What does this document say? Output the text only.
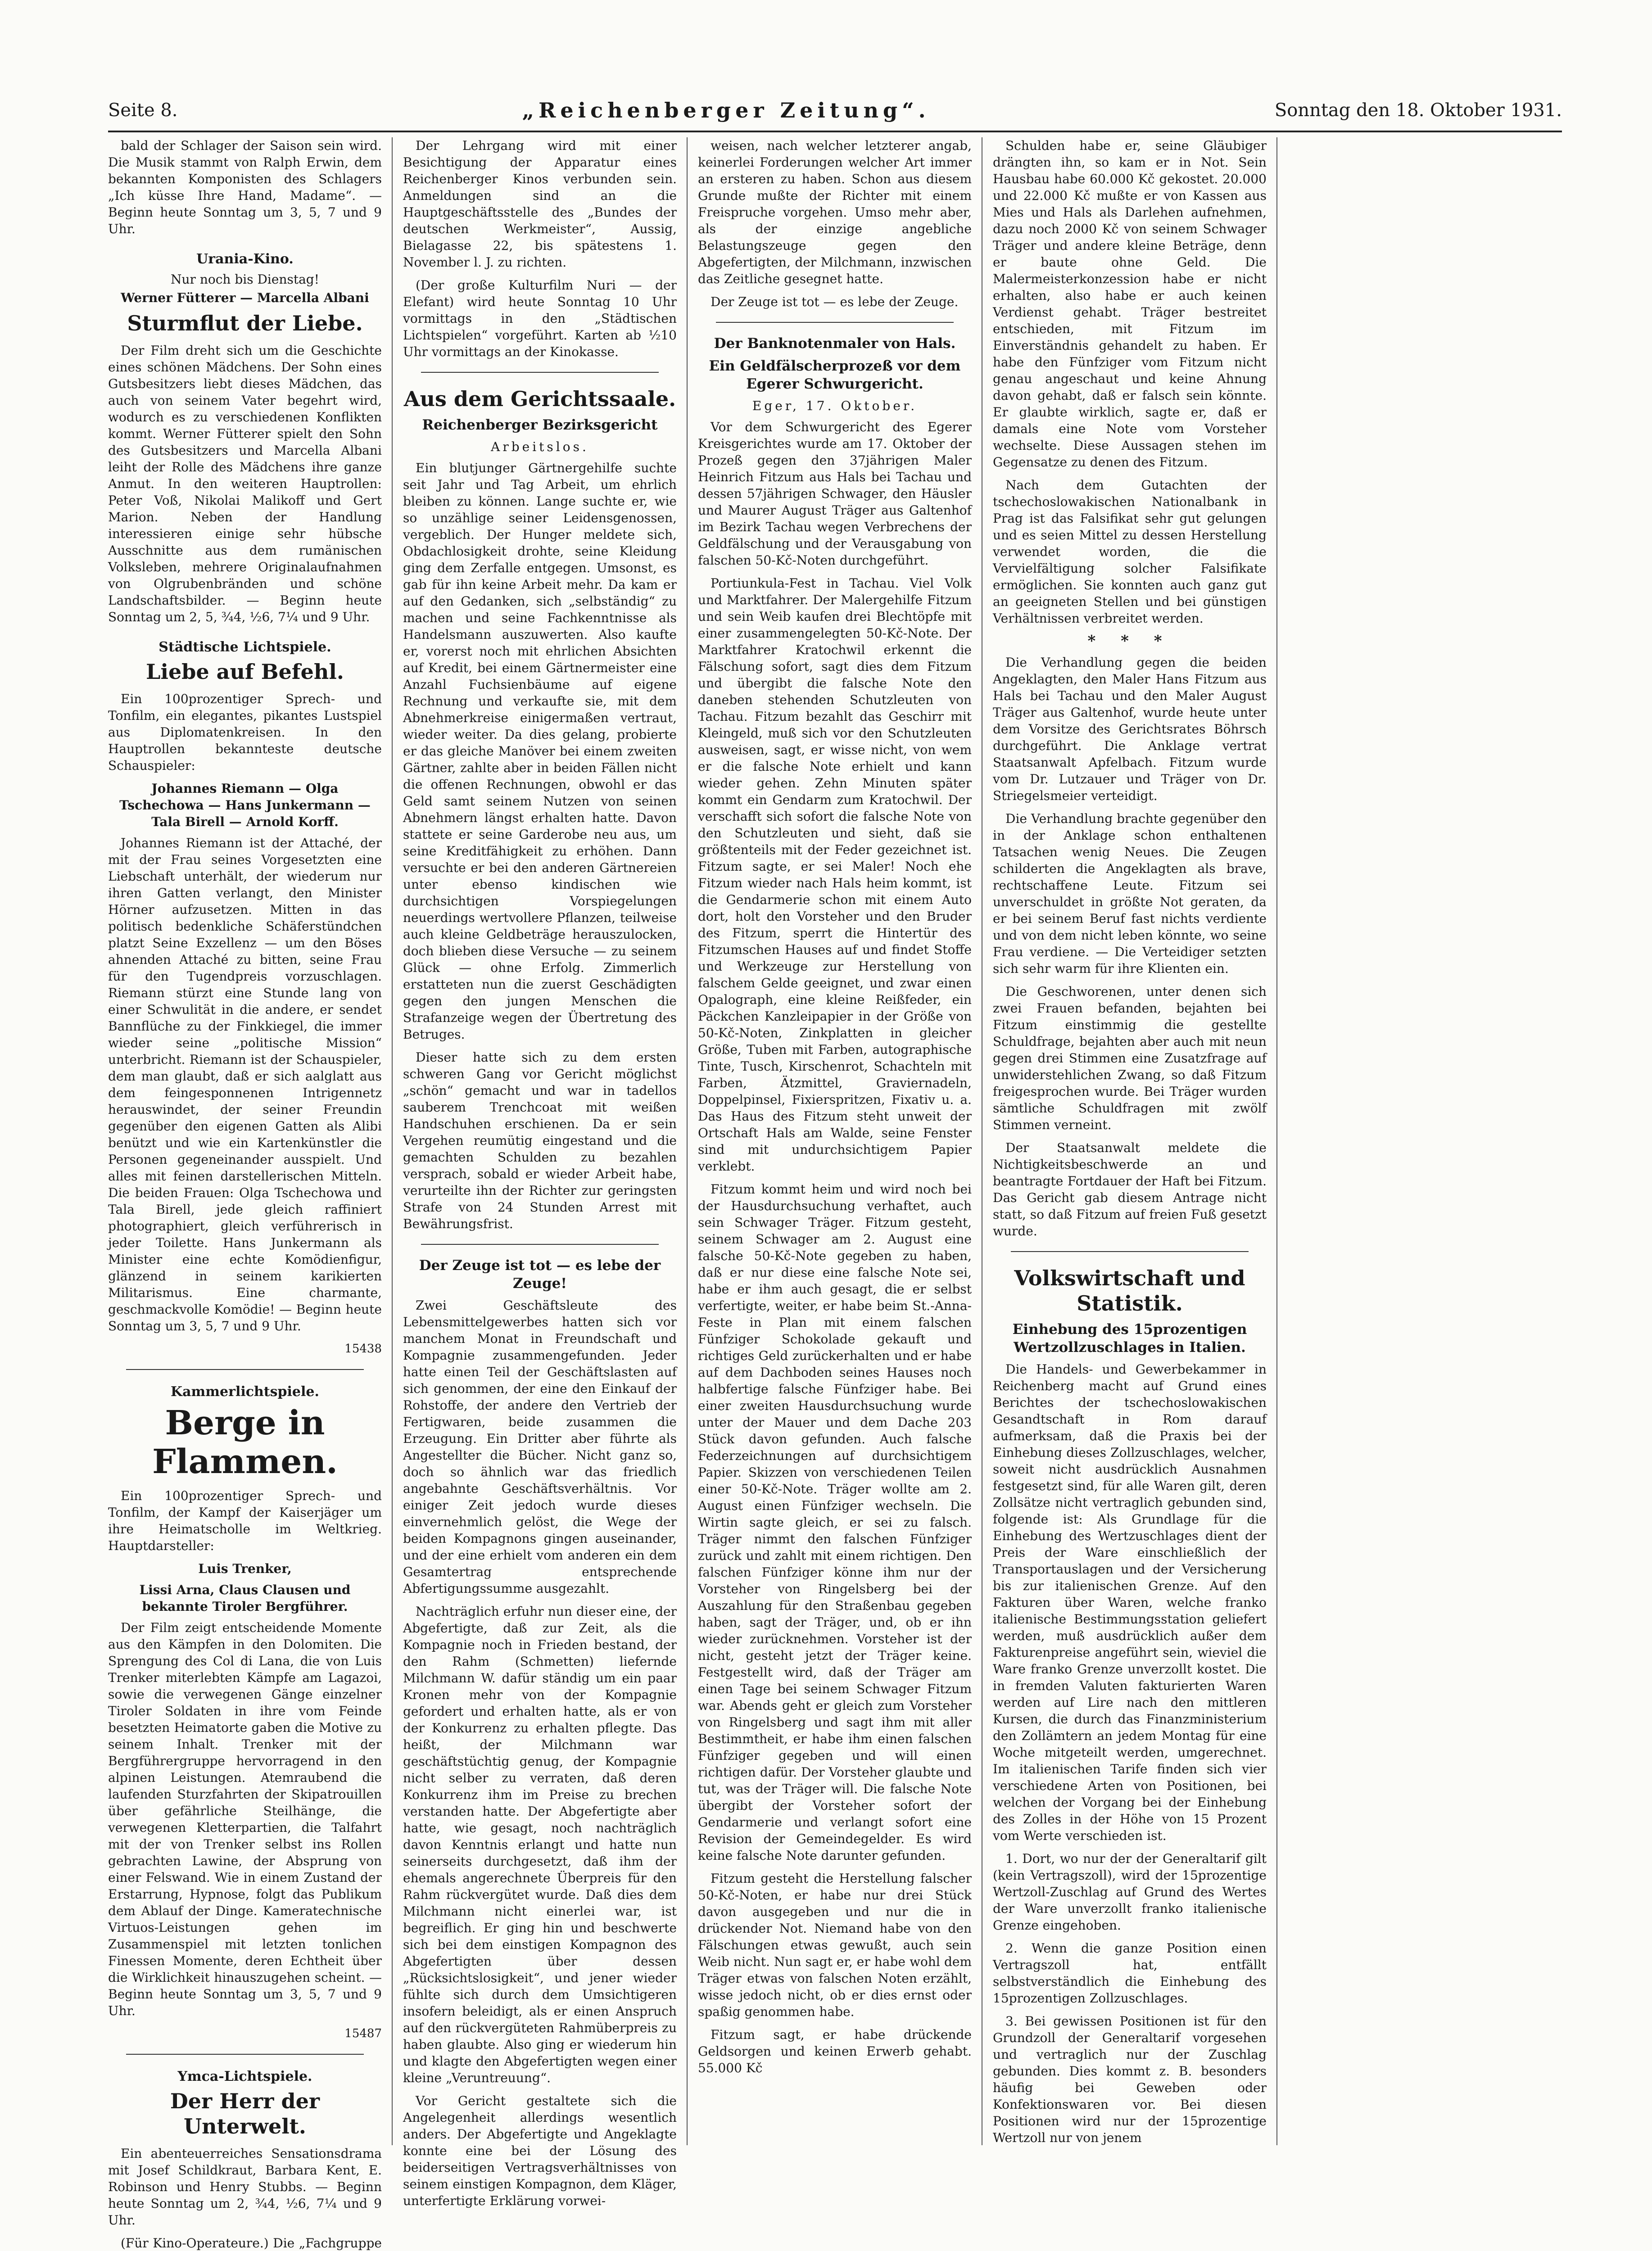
Seite 8.	„Reichenberger Zeitung“.	Sonntag den 18. Oktober 1931.

bald der Schlager der Saison sein wird. Die Musik stammt von Ralph Erwin, dem bekannten Komponisten des Schlagers „Ich küsse Ihre Hand, Madame“. — Beginn heute Sonntag um 3, 5, 7 und 9 Uhr.

Urania-Kino.
Nur noch bis Dienstag!
Werner Fütterer — Marcella Albani
Sturmflut der Liebe.

Der Film dreht sich um die Geschichte eines schönen Mädchens. Der Sohn eines Gutsbesitzers liebt dieses Mädchen, das auch von seinem Vater begehrt wird, wodurch es zu verschiedenen Konflikten kommt. Werner Fütterer spielt den Sohn des Gutsbesitzers und Marcella Albani leiht der Rolle des Mädchens ihre ganze Anmut. In den weiteren Hauptrollen: Peter Voß, Nikolai Malikoff und Gert Marion. Neben der Handlung interessieren einige sehr hübsche Ausschnitte aus dem rumänischen Volksleben, mehrere Originalaufnahmen von Olgrubenbränden und schöne Landschaftsbilder. — Beginn heute Sonntag um 2, 5, ¾4, ½6, 7¼ und 9 Uhr.

Städtische Lichtspiele.
Liebe auf Befehl.

Ein 100prozentiger Sprech- und Tonfilm, ein elegantes, pikantes Lustspiel aus Diplomatenkreisen. In den Hauptrollen bekannteste deutsche Schauspieler:

Johannes Riemann — Olga Tschechowa — Hans Junkermann — Tala Birell — Arnold Korff.

Johannes Riemann ist der Attaché, der mit der Frau seines Vorgesetzten eine Liebschaft unterhält, der wiederum nur ihren Gatten verlangt, den Minister Hörner aufzusetzen. Mitten in das politisch bedenkliche Schäferstündchen platzt Seine Exzellenz — um den Böses ahnenden Attaché zu bitten, seine Frau für den Tugendpreis vorzuschlagen. Riemann stürzt eine Stunde lang von einer Schwulität in die andere, er sendet Bannflüche zu der Finkkiegel, die immer wieder seine „politische Mission“ unterbricht. Riemann ist der Schauspieler, dem man glaubt, daß er sich aalglatt aus dem feingesponnenen Intrigennetz herauswindet, der seiner Freundin gegenüber den eigenen Gatten als Alibi benützt und wie ein Kartenkünstler die Personen gegeneinander ausspielt. Und alles mit feinen darstellerischen Mitteln. Die beiden Frauen: Olga Tschechowa und Tala Birell, jede gleich raffiniert photographiert, gleich verführerisch in jeder Toilette. Hans Junkermann als Minister eine echte Komödienfigur, glänzend in seinem karikierten Militarismus. Eine charmante, geschmackvolle Komödie! — Beginn heute Sonntag um 3, 5, 7 und 9 Uhr.

15438
Kammerlichtspiele.
Berge in Flammen.

Ein 100prozentiger Sprech- und Tonfilm, der Kampf der Kaiserjäger um ihre Heimatscholle im Weltkrieg. Hauptdarsteller:

Luis Trenker,
Lissi Arna, Claus Clausen und bekannte Tiroler Bergführer.

Der Film zeigt entscheidende Momente aus den Kämpfen in den Dolomiten. Die Sprengung des Col di Lana, die von Luis Trenker miterlebten Kämpfe am Lagazoi, sowie die verwegenen Gänge einzelner Tiroler Soldaten in ihre vom Feinde besetzten Heimatorte gaben die Motive zu seinem Inhalt. Trenker mit der Bergführergruppe hervorragend in den alpinen Leistungen. Atemraubend die laufenden Sturzfahrten der Skipatrouillen über gefährliche Steilhänge, die verwegenen Kletterpartien, die Talfahrt mit der von Trenker selbst ins Rollen gebrachten Lawine, der Absprung von einer Felswand. Wie in einem Zustand der Erstarrung, Hypnose, folgt das Publikum dem Ablauf der Dinge. Kameratechnische Virtuos-Leistungen gehen im Zusammenspiel mit letzten tonlichen Finessen Momente, deren Echtheit über die Wirklichkeit hinauszugehen scheint. — Beginn heute Sonntag um 3, 5, 7 und 9 Uhr.

15487
Ymca-Lichtspiele.
Der Herr der Unterwelt.

Ein abenteuerreiches Sensationsdrama mit Josef Schildkraut, Barbara Kent, E. Robinson und Henry Stubbs. — Beginn heute Sonntag um 2, ¾4, ½6, 7¼ und 9 Uhr.

(Für Kino-Operateure.) Die „Fachgruppe

Der Lehrgang wird mit einer Besichtigung der Apparatur eines Reichenberger Kinos verbunden sein. Anmeldungen sind an die Hauptgeschäftsstelle des „Bundes der deutschen Werkmeister“, Aussig, Bielagasse 22, bis spätestens 1. November l. J. zu richten.

(Der große Kulturfilm Nuri — der Elefant) wird heute Sonntag 10 Uhr vormittags in den „Städtischen Lichtspielen“ vorgeführt. Karten ab ½10 Uhr vormittags an der Kinokasse.

Aus dem Gerichtssaale.
Reichenberger Bezirksgericht
Arbeitslos.

Ein blutjunger Gärtnergehilfe suchte seit Jahr und Tag Arbeit, um ehrlich bleiben zu können. Lange suchte er, wie so unzählige seiner Leidensgenossen, vergeblich. Der Hunger meldete sich, Obdachlosigkeit drohte, seine Kleidung ging dem Zerfalle entgegen. Umsonst, es gab für ihn keine Arbeit mehr. Da kam er auf den Gedanken, sich „selbständig“ zu machen und seine Fachkenntnisse als Handelsmann auszuwerten. Also kaufte er, vorerst noch mit ehrlichen Absichten auf Kredit, bei einem Gärtnermeister eine Anzahl Fuchsienbäume auf eigene Rechnung und verkaufte sie, mit dem Abnehmerkreise einigermaßen vertraut, wieder weiter. Da dies gelang, probierte er das gleiche Manöver bei einem zweiten Gärtner, zahlte aber in beiden Fällen nicht die offenen Rechnungen, obwohl er das Geld samt seinem Nutzen von seinen Abnehmern längst erhalten hatte. Davon stattete er seine Garderobe neu aus, um seine Kreditfähigkeit zu erhöhen. Dann versuchte er bei den anderen Gärtnereien unter ebenso kindischen wie durchsichtigen Vorspiegelungen neuerdings wertvollere Pflanzen, teilweise auch kleine Geldbeträge herauszulocken, doch blieben diese Versuche — zu seinem Glück — ohne Erfolg. Zimmerlich erstatteten nun die zuerst Geschädigten gegen den jungen Menschen die Strafanzeige wegen der Übertretung des Betruges.

Dieser hatte sich zu dem ersten schweren Gang vor Gericht möglichst „schön“ gemacht und war in tadellos sauberem Trenchcoat mit weißen Handschuhen erschienen. Da er sein Vergehen reumütig eingestand und die gemachten Schulden zu bezahlen versprach, sobald er wieder Arbeit habe, verurteilte ihn der Richter zur geringsten Strafe von 24 Stunden Arrest mit Bewährungsfrist.

Der Zeuge ist tot — es lebe der Zeuge!

Zwei Geschäftsleute des Lebensmittelgewerbes hatten sich vor manchem Monat in Freundschaft und Kompagnie zusammengefunden. Jeder hatte einen Teil der Geschäftslasten auf sich genommen, der eine den Einkauf der Rohstoffe, der andere den Vertrieb der Fertigwaren, beide zusammen die Erzeugung. Ein Dritter aber führte als Angestellter die Bücher. Nicht ganz so, doch so ähnlich war das friedlich angebahnte Geschäftsverhältnis. Vor einiger Zeit jedoch wurde dieses einvernehmlich gelöst, die Wege der beiden Kompagnons gingen auseinander, und der eine erhielt vom anderen ein dem Gesamtertrag entsprechende Abfertigungssumme ausgezahlt.

Nachträglich erfuhr nun dieser eine, der Abgefertigte, daß zur Zeit, als die Kompagnie noch in Frieden bestand, der den Rahm (Schmetten) liefernde Milchmann W. dafür ständig um ein paar Kronen mehr von der Kompagnie gefordert und erhalten hatte, als er von der Konkurrenz zu erhalten pflegte. Das heißt, der Milchmann war geschäftstüchtig genug, der Kompagnie nicht selber zu verraten, daß deren Konkurrenz ihm im Preise zu brechen verstanden hatte. Der Abgefertigte aber hatte, wie gesagt, noch nachträglich davon Kenntnis erlangt und hatte nun seinerseits durchgesetzt, daß ihm der ehemals angerechnete Überpreis für den Rahm rückvergütet wurde. Daß dies dem Milchmann nicht einerlei war, ist begreiflich. Er ging hin und beschwerte sich bei dem einstigen Kompagnon des Abgefertigten über dessen „Rücksichtslosigkeit“, und jener wieder fühlte sich durch dem Umsichtigeren insofern beleidigt, als er einen Anspruch auf den rückvergüteten Rahmüberpreis zu haben glaubte. Also ging er wiederum hin und klagte den Abgefertigten wegen einer kleine „Veruntreuung“.

Vor Gericht gestaltete sich die Angelegenheit allerdings wesentlich anders. Der Abgefertigte und Angeklagte konnte eine bei der Lösung des beiderseitigen Vertragsverhältnisses von seinem einstigen Kompagnon, dem Kläger, unterfertigte Erklärung vorwei-

weisen, nach welcher letzterer angab, keinerlei Forderungen welcher Art immer an ersteren zu haben. Schon aus diesem Grunde mußte der Richter mit einem Freispruche vorgehen. Umso mehr aber, als der einzige angebliche Belastungszeuge gegen den Abgefertigten, der Milchmann, inzwischen das Zeitliche gesegnet hatte.

Der Zeuge ist tot — es lebe der Zeuge.

Der Banknotenmaler von Hals.
Ein Geldfälscherprozeß vor dem Egerer Schwurgericht.
Eger, 17. Oktober.

Vor dem Schwurgericht des Egerer Kreisgerichtes wurde am 17. Oktober der Prozeß gegen den 37jährigen Maler Heinrich Fitzum aus Hals bei Tachau und dessen 57jährigen Schwager, den Häusler und Maurer August Träger aus Galtenhof im Bezirk Tachau wegen Verbrechens der Geldfälschung und der Verausgabung von falschen 50-Kč-Noten durchgeführt.

Portiunkula-Fest in Tachau. Viel Volk und Marktfahrer. Der Malergehilfe Fitzum und sein Weib kaufen drei Blechtöpfe mit einer zusammengelegten 50-Kč-Note. Der Marktfahrer Kratochwil erkennt die Fälschung sofort, sagt dies dem Fitzum und übergibt die falsche Note den daneben stehenden Schutzleuten von Tachau. Fitzum bezahlt das Geschirr mit Kleingeld, muß sich vor den Schutzleuten ausweisen, sagt, er wisse nicht, von wem er die falsche Note erhielt und kann wieder gehen. Zehn Minuten später kommt ein Gendarm zum Kratochwil. Der verschafft sich sofort die falsche Note von den Schutzleuten und sieht, daß sie größtenteils mit der Feder gezeichnet ist. Fitzum sagte, er sei Maler! Noch ehe Fitzum wieder nach Hals heim kommt, ist die Gendarmerie schon mit einem Auto dort, holt den Vorsteher und den Bruder des Fitzum, sperrt die Hintertür des Fitzumschen Hauses auf und findet Stoffe und Werkzeuge zur Herstellung von falschem Gelde geeignet, und zwar einen Opalograph, eine kleine Reißfeder, ein Päckchen Kanzleipapier in der Größe von 50-Kč-Noten, Zinkplatten in gleicher Größe, Tuben mit Farben, autographische Tinte, Tusch, Kirschenrot, Schachteln mit Farben, Ätzmittel, Graviernadeln, Doppelpinsel, Fixierspritzen, Fixativ u. a. Das Haus des Fitzum steht unweit der Ortschaft Hals am Walde, seine Fenster sind mit undurchsichtigem Papier verklebt.

Fitzum kommt heim und wird noch bei der Hausdurchsuchung verhaftet, auch sein Schwager Träger. Fitzum gesteht, seinem Schwager am 2. August eine falsche 50-Kč-Note gegeben zu haben, daß er nur diese eine falsche Note sei, habe er ihm auch gesagt, die er selbst verfertigte, weiter, er habe beim St.-Anna-Feste in Plan mit einem falschen Fünfziger Schokolade gekauft und richtiges Geld zurückerhalten und er habe auf dem Dachboden seines Hauses noch halbfertige falsche Fünfziger habe. Bei einer zweiten Hausdurchsuchung wurde unter der Mauer und dem Dache 203 Stück davon gefunden. Auch falsche Federzeichnungen auf durchsichtigem Papier. Skizzen von verschiedenen Teilen einer 50-Kč-Note. Träger wollte am 2. August einen Fünfziger wechseln. Die Wirtin sagte gleich, er sei zu falsch. Träger nimmt den falschen Fünfziger zurück und zahlt mit einem richtigen. Den falschen Fünfziger könne ihm nur der Vorsteher von Ringelsberg bei der Auszahlung für den Straßenbau gegeben haben, sagt der Träger, und, ob er ihn wieder zurücknehmen. Vorsteher ist der nicht, gesteht jetzt der Träger keine. Festgestellt wird, daß der Träger am einen Tage bei seinem Schwager Fitzum war. Abends geht er gleich zum Vorsteher von Ringelsberg und sagt ihm mit aller Bestimmtheit, er habe ihm einen falschen Fünfziger gegeben und will einen richtigen dafür. Der Vorsteher glaubte und tut, was der Träger will. Die falsche Note übergibt der Vorsteher sofort der Gendarmerie und verlangt sofort eine Revision der Gemeindegelder. Es wird keine falsche Note darunter gefunden.

Fitzum gesteht die Herstellung falscher 50-Kč-Noten, er habe nur drei Stück davon ausgegeben und nur die in drückender Not. Niemand habe von den Fälschungen etwas gewußt, auch sein Weib nicht. Nun sagt er, er habe wohl dem Träger etwas von falschen Noten erzählt, wisse jedoch nicht, ob er dies ernst oder spaßig genommen habe.

Fitzum sagt, er habe drückende Geldsorgen und keinen Erwerb gehabt. 55.000 Kč

Schulden habe er, seine Gläubiger drängten ihn, so kam er in Not. Sein Hausbau habe 60.000 Kč gekostet. 20.000 und 22.000 Kč mußte er von Kassen aus Mies und Hals als Darlehen aufnehmen, dazu noch 2000 Kč von seinem Schwager Träger und andere kleine Beträge, denn er baute ohne Geld. Die Malermeisterkonzession habe er nicht erhalten, also habe er auch keinen Verdienst gehabt. Träger bestreitet entschieden, mit Fitzum im Einverständnis gehandelt zu haben. Er habe den Fünfziger vom Fitzum nicht genau angeschaut und keine Ahnung davon gehabt, daß er falsch sein könnte. Er glaubte wirklich, sagte er, daß er damals eine Note vom Vorsteher wechselte. Diese Aussagen stehen im Gegensatze zu denen des Fitzum.

Nach dem Gutachten der tschechoslowakischen Nationalbank in Prag ist das Falsifikat sehr gut gelungen und es seien Mittel zu dessen Herstellung verwendet worden, die die Vervielfältigung solcher Falsifikate ermöglichen. Sie konnten auch ganz gut an geeigneten Stellen und bei günstigen Verhältnissen verbreitet werden.

* * *

Die Verhandlung gegen die beiden Angeklagten, den Maler Hans Fitzum aus Hals bei Tachau und den Maler August Träger aus Galtenhof, wurde heute unter dem Vorsitze des Gerichtsrates Böhrsch durchgeführt. Die Anklage vertrat Staatsanwalt Apfelbach. Fitzum wurde vom Dr. Lutzauer und Träger von Dr. Striegelsmeier verteidigt.

Die Verhandlung brachte gegenüber den in der Anklage schon enthaltenen Tatsachen wenig Neues. Die Zeugen schilderten die Angeklagten als brave, rechtschaffene Leute. Fitzum sei unverschuldet in größte Not geraten, da er bei seinem Beruf fast nichts verdiente und von dem nicht leben könnte, wo seine Frau verdiene. — Die Verteidiger setzten sich sehr warm für ihre Klienten ein.

Die Geschworenen, unter denen sich zwei Frauen befanden, bejahten bei Fitzum einstimmig die gestellte Schuldfrage, bejahten aber auch mit neun gegen drei Stimmen eine Zusatzfrage auf unwiderstehlichen Zwang, so daß Fitzum freigesprochen wurde. Bei Träger wurden sämtliche Schuldfragen mit zwölf Stimmen verneint.

Der Staatsanwalt meldete die Nichtigkeitsbeschwerde an und beantragte Fortdauer der Haft bei Fitzum. Das Gericht gab diesem Antrage nicht statt, so daß Fitzum auf freien Fuß gesetzt wurde.

Volkswirtschaft und Statistik.
Einhebung des 15prozentigen Wertzollzuschlages in Italien.

Die Handels- und Gewerbekammer in Reichenberg macht auf Grund eines Berichtes der tschechoslowakischen Gesandtschaft in Rom darauf aufmerksam, daß die Praxis bei der Einhebung dieses Zollzuschlages, welcher, soweit nicht ausdrücklich Ausnahmen festgesetzt sind, für alle Waren gilt, deren Zollsätze nicht vertraglich gebunden sind, folgende ist: Als Grundlage für die Einhebung des Wertzuschlages dient der Preis der Ware einschließlich der Transportauslagen und der Versicherung bis zur italienischen Grenze. Auf den Fakturen über Waren, welche franko italienische Bestimmungsstation geliefert werden, muß ausdrücklich außer dem Fakturenpreise angeführt sein, wieviel die Ware franko Grenze unverzollt kostet. Die in fremden Valuten fakturierten Waren werden auf Lire nach den mittleren Kursen, die durch das Finanzministerium den Zollämtern an jedem Montag für eine Woche mitgeteilt werden, umgerechnet. Im italienischen Tarife finden sich vier verschiedene Arten von Positionen, bei welchen der Vorgang bei der Einhebung des Zolles in der Höhe von 15 Prozent vom Werte verschieden ist.

1. Dort, wo nur der der Generaltarif gilt (kein Vertragszoll), wird der 15prozentige Wertzoll-Zuschlag auf Grund des Wertes der Ware unverzollt franko italienische Grenze eingehoben.

2. Wenn die ganze Position einen Vertragszoll hat, entfällt selbstverständlich die Einhebung des 15prozentigen Zollzuschlages.

3. Bei gewissen Positionen ist für den Grundzoll der Generaltarif vorgesehen und vertraglich nur der Zuschlag gebunden. Dies kommt z. B. besonders häufig bei Geweben oder Konfektionswaren vor. Bei diesen Positionen wird nur der 15prozentige Wertzoll nur von jenem
